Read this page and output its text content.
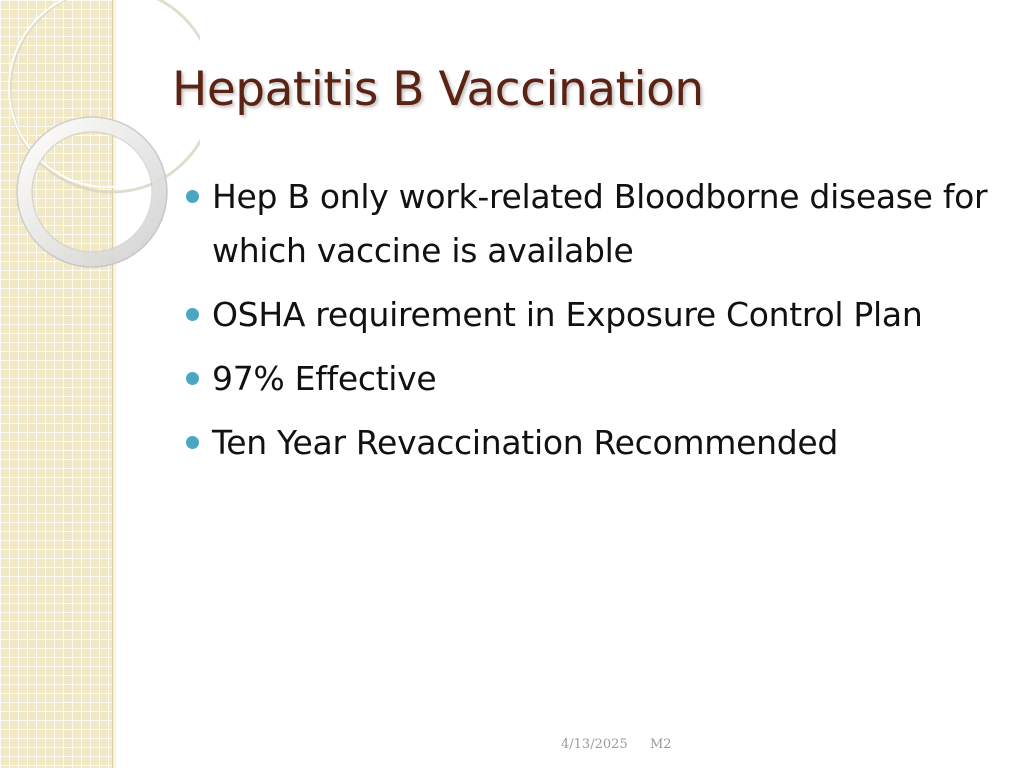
Hepatitis B Vaccination
Hep B only work-related Bloodborne disease for which vaccine is available
OSHA requirement in Exposure Control Plan
97% Effective
Ten Year Revaccination Recommended
4/13/2025 M2
